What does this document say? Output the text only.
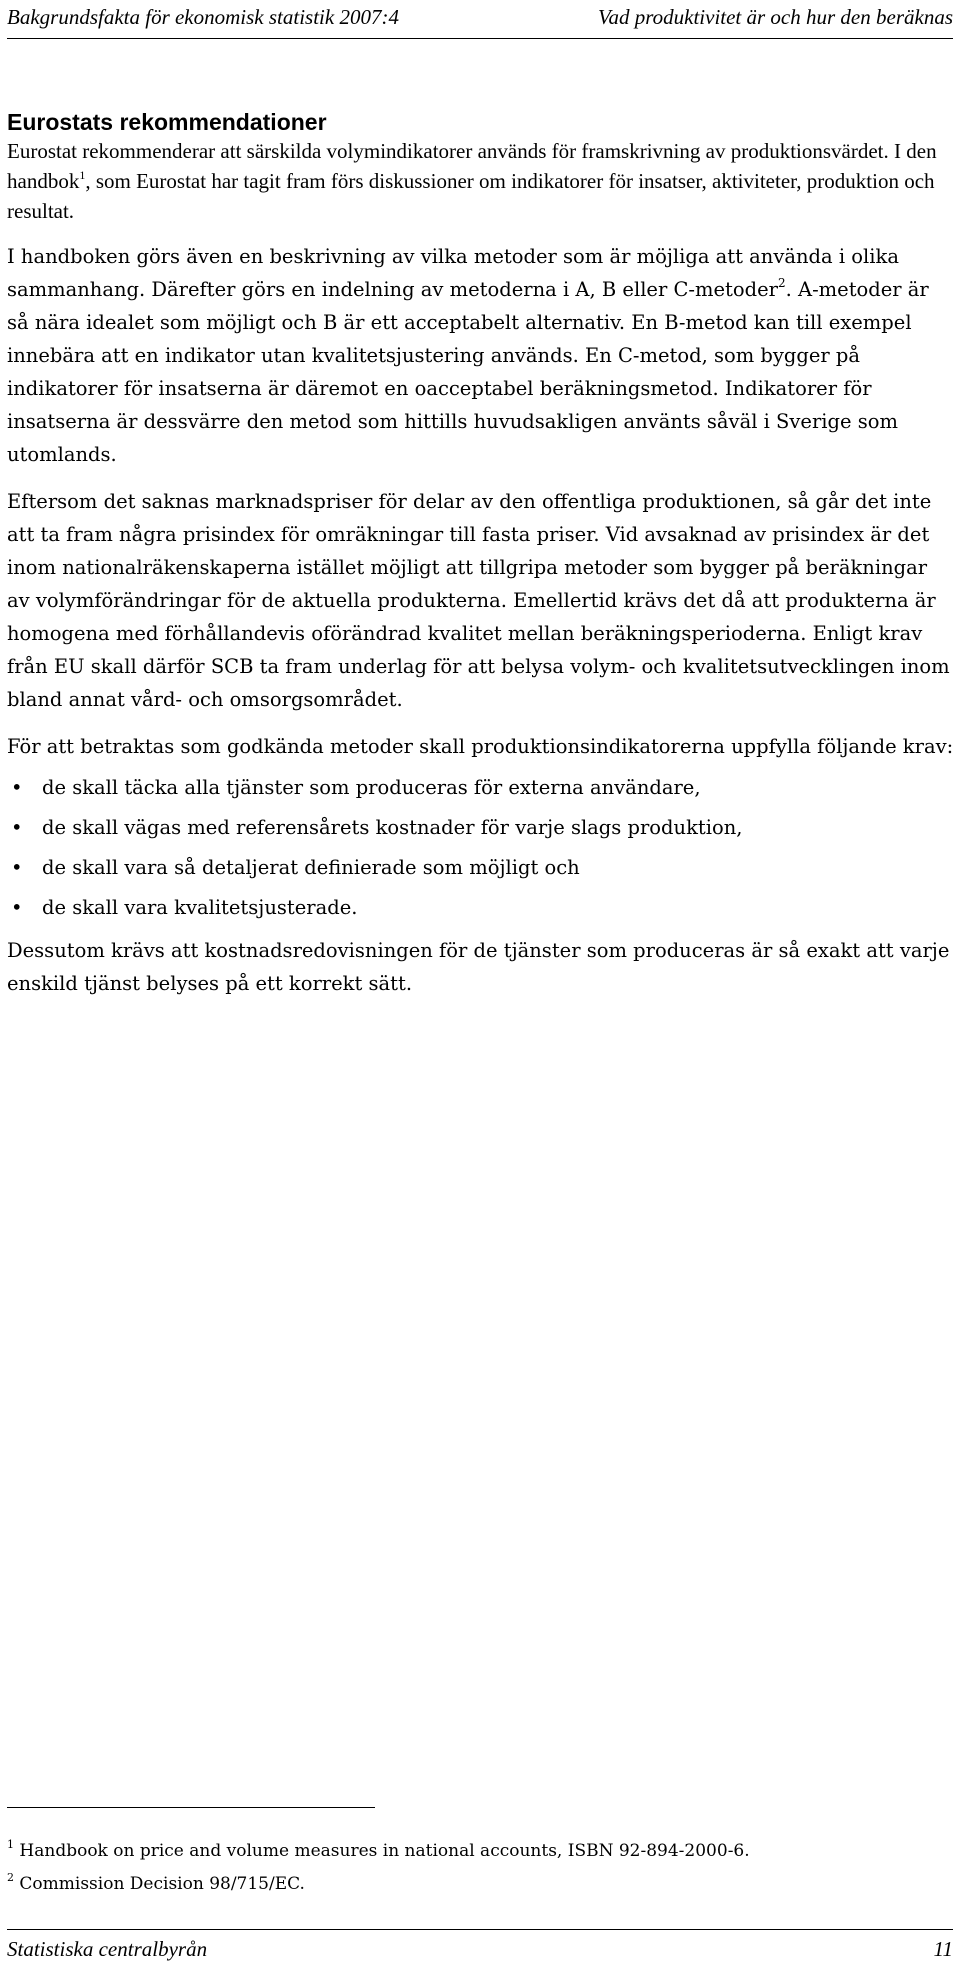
Bakgrundsfakta för ekonomisk statistik 2007:4	Vad produktivitet är och hur den beräknas
Eurostats rekommendationer

Eurostat rekommenderar att särskilda volymindikatorer används för framskrivning av produktionsvärdet. I den handbok$^1$, som Eurostat har tagit fram förs diskussioner om indikatorer för insatser, aktiviteter, produktion och resultat.

I handboken görs även en beskrivning av vilka metoder som är möjliga att använda i olika sammanhang. Därefter görs en indelning av metoderna i A, B eller C-metoder$^2$. A-metoder är så nära idealet som möjligt och B är ett acceptabelt alternativ. En B-metod kan till exempel innebära att en indikator utan kvalitetsjustering används. En C-metod, som bygger på indikatorer för insatserna är däremot en oacceptabel beräkningsmetod. Indikatorer för insatserna är dessvärre den metod som hittills huvudsakligen använts såväl i Sverige som utomlands.

Eftersom det saknas marknadspriser för delar av den offentliga produktionen, så går det inte att ta fram några prisindex för omräkningar till fasta priser. Vid avsaknad av prisindex är det inom nationalräkenskaperna istället möjligt att tillgripa metoder som bygger på beräkningar av volymförändringar för de aktuella produkterna. Emellertid krävs det då att produkterna är homogena med förhållandevis oförändrad kvalitet mellan beräkningsperioderna. Enligt krav från EU skall därför SCB ta fram underlag för att belysa volym- och kvalitetsutvecklingen inom bland annat vård- och omsorgsområdet.

För att betraktas som godkända metoder skall produktionsindikatorerna uppfylla följande krav:

• de skall täcka alla tjänster som produceras för externa användare,
• de skall vägas med referensårets kostnader för varje slags produktion,
• de skall vara så detaljerat definierade som möjligt och
• de skall vara kvalitetsjusterade.

Dessutom krävs att kostnadsredovisningen för de tjänster som produceras är så exakt att varje enskild tjänst belyses på ett korrekt sätt.

$^1$ Handbook on price and volume measures in national accounts, ISBN 92-894-2000-6.
$^2$ Commission Decision 98/715/EC.
Statistiska centralbyrån	11
